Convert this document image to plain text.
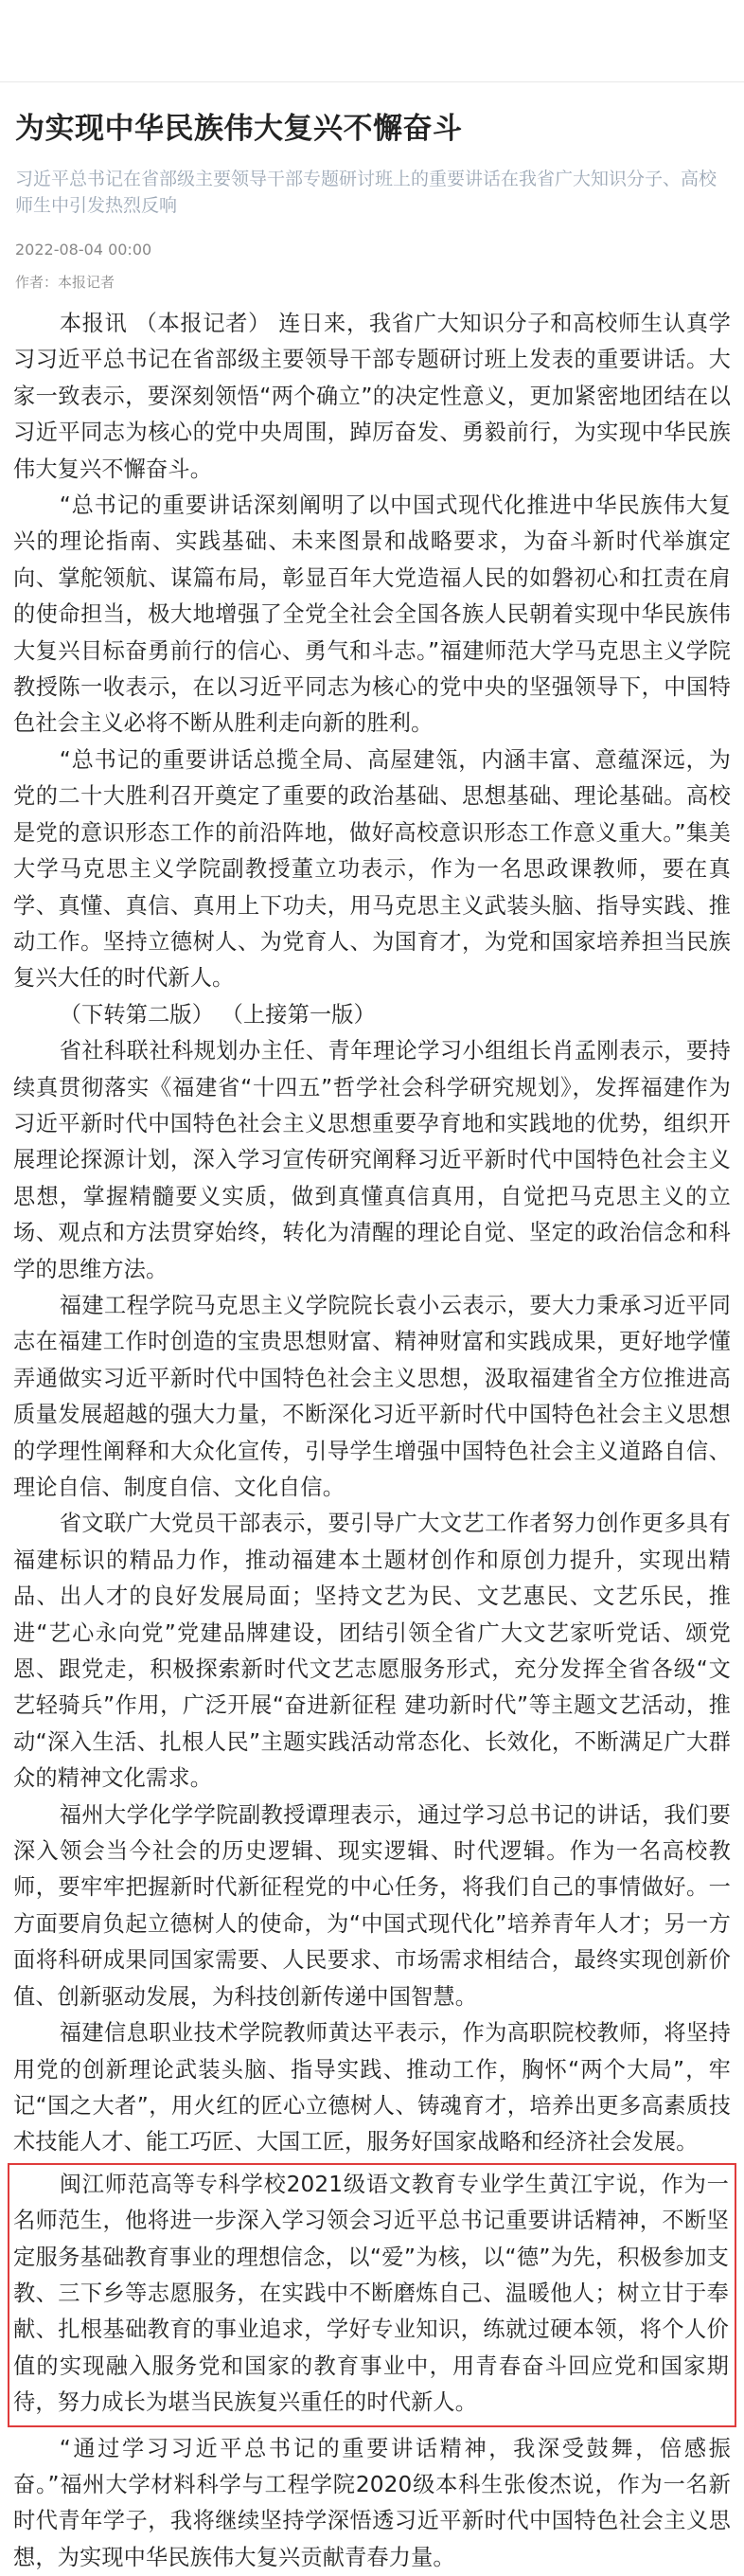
为实现中华民族伟大复兴不懈奋斗
习近平总书记在省部级主要领导干部专题研讨班上的重要讲话在我省广大知识分子、高校师生中引发热烈反响
2022-08-04 00:00
作者：本报记者

本报讯 （本报记者） 连日来，我省广大知识分子和高校师生认真学习习近平总书记在省部级主要领导干部专题研讨班上发表的重要讲话。大家一致表示，要深刻领悟“两个确立”的决定性意义，更加紧密地团结在以习近平同志为核心的党中央周围，踔厉奋发、勇毅前行，为实现中华民族伟大复兴不懈奋斗。

“总书记的重要讲话深刻阐明了以中国式现代化推进中华民族伟大复兴的理论指南、实践基础、未来图景和战略要求，为奋斗新时代举旗定向、掌舵领航、谋篇布局，彰显百年大党造福人民的如磐初心和扛责在肩的使命担当，极大地增强了全党全社会全国各族人民朝着实现中华民族伟大复兴目标奋勇前行的信心、勇气和斗志。”福建师范大学马克思主义学院教授陈一收表示，在以习近平同志为核心的党中央的坚强领导下，中国特色社会主义必将不断从胜利走向新的胜利。

“总书记的重要讲话总揽全局、高屋建瓴，内涵丰富、意蕴深远，为党的二十大胜利召开奠定了重要的政治基础、思想基础、理论基础。高校是党的意识形态工作的前沿阵地，做好高校意识形态工作意义重大。”集美大学马克思主义学院副教授董立功表示，作为一名思政课教师，要在真学、真懂、真信、真用上下功夫，用马克思主义武装头脑、指导实践、推动工作。坚持立德树人、为党育人、为国育才，为党和国家培养担当民族复兴大任的时代新人。

（下转第二版） （上接第一版）

省社科联社科规划办主任、青年理论学习小组组长肖孟刚表示，要持续真贯彻落实《福建省“十四五”哲学社会科学研究规划》，发挥福建作为习近平新时代中国特色社会主义思想重要孕育地和实践地的优势，组织开展理论探源计划，深入学习宣传研究阐释习近平新时代中国特色社会主义思想，掌握精髓要义实质，做到真懂真信真用，自觉把马克思主义的立场、观点和方法贯穿始终，转化为清醒的理论自觉、坚定的政治信念和科学的思维方法。

福建工程学院马克思主义学院院长袁小云表示，要大力秉承习近平同志在福建工作时创造的宝贵思想财富、精神财富和实践成果，更好地学懂弄通做实习近平新时代中国特色社会主义思想，汲取福建省全方位推进高质量发展超越的强大力量，不断深化习近平新时代中国特色社会主义思想的学理性阐释和大众化宣传，引导学生增强中国特色社会主义道路自信、理论自信、制度自信、文化自信。

省文联广大党员干部表示，要引导广大文艺工作者努力创作更多具有福建标识的精品力作，推动福建本土题材创作和原创力提升，实现出精品、出人才的良好发展局面；坚持文艺为民、文艺惠民、文艺乐民，推进“艺心永向党”党建品牌建设，团结引领全省广大文艺家听党话、颂党恩、跟党走，积极探索新时代文艺志愿服务形式，充分发挥全省各级“文艺轻骑兵”作用，广泛开展“奋进新征程 建功新时代”等主题文艺活动，推动“深入生活、扎根人民”主题实践活动常态化、长效化，不断满足广大群众的精神文化需求。

福州大学化学学院副教授谭理表示，通过学习总书记的讲话，我们要深入领会当今社会的历史逻辑、现实逻辑、时代逻辑。作为一名高校教师，要牢牢把握新时代新征程党的中心任务，将我们自己的事情做好。一方面要肩负起立德树人的使命，为“中国式现代化”培养青年人才；另一方面将科研成果同国家需要、人民要求、市场需求相结合，最终实现创新价值、创新驱动发展，为科技创新传递中国智慧。

福建信息职业技术学院教师黄达平表示，作为高职院校教师，将坚持用党的创新理论武装头脑、指导实践、推动工作，胸怀“两个大局”，牢记“国之大者”，用火红的匠心立德树人、铸魂育才，培养出更多高素质技术技能人才、能工巧匠、大国工匠，服务好国家战略和经济社会发展。

闽江师范高等专科学校2021级语文教育专业学生黄江宇说，作为一名师范生，他将进一步深入学习领会习近平总书记重要讲话精神，不断坚定服务基础教育事业的理想信念，以“爱”为核，以“德”为先，积极参加支教、三下乡等志愿服务，在实践中不断磨炼自己、温暖他人；树立甘于奉献、扎根基础教育的事业追求，学好专业知识，练就过硬本领，将个人价值的实现融入服务党和国家的教育事业中，用青春奋斗回应党和国家期待，努力成长为堪当民族复兴重任的时代新人。

“通过学习习近平总书记的重要讲话精神，我深受鼓舞，倍感振奋。”福州大学材料科学与工程学院2020级本科生张俊杰说，作为一名新时代青年学子，我将继续坚持学深悟透习近平新时代中国特色社会主义思想，为实现中华民族伟大复兴贡献青春力量。
